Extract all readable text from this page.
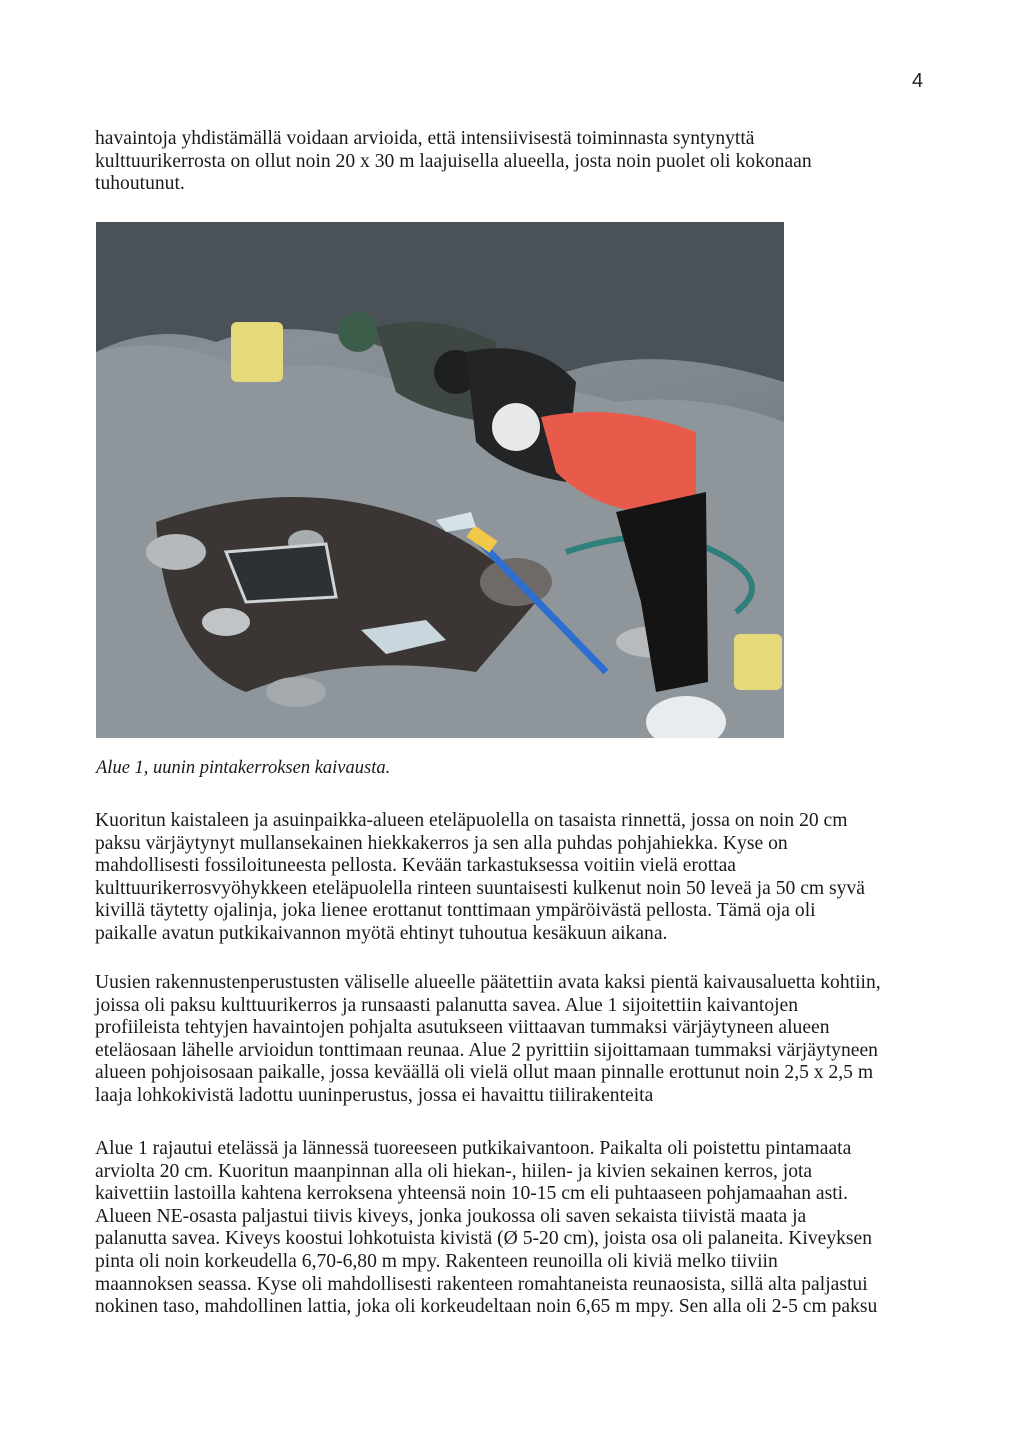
4

havaintoja yhdistämällä voidaan arvioida, että intensiivisestä toiminnasta syntynyttä
kulttuurikerrosta on ollut noin 20 x 30 m laajuisella alueella, josta noin puolet oli kokonaan
tuhoutunut.

Alue 1, uunin pintakerroksen kaivausta.

Kuoritun kaistaleen ja asuinpaikka-alueen eteläpuolella on tasaista rinnettä, jossa on noin 20 cm
paksu värjäytynyt mullansekainen hiekkakerros ja sen alla puhdas pohjahiekka. Kyse on
mahdollisesti fossiloituneesta pellosta. Kevään tarkastuksessa voitiin vielä erottaa
kulttuurikerrosvyöhykkeen eteläpuolella rinteen suuntaisesti kulkenut noin 50 leveä ja 50 cm syvä
kivillä täytetty ojalinja, joka lienee erottanut tonttimaan ympäröivästä pellosta. Tämä oja oli
paikalle avatun putkikaivannon myötä ehtinyt tuhoutua kesäkuun aikana.

Uusien rakennustenperustusten väliselle alueelle päätettiin avata kaksi pientä kaivausaluetta kohtiin,
joissa oli paksu kulttuurikerros ja runsaasti palanutta savea. Alue 1 sijoitettiin kaivantojen
profiileista tehtyjen havaintojen pohjalta asutukseen viittaavan tummaksi värjäytyneen alueen
eteläosaan lähelle arvioidun tonttimaan reunaa. Alue 2 pyrittiin sijoittamaan tummaksi värjäytyneen
alueen pohjoisosaan paikalle, jossa keväällä oli vielä ollut maan pinnalle erottunut noin 2,5 x 2,5 m
laaja lohkokivistä ladottu uuninperustus, jossa ei havaittu tiilirakenteita

Alue 1 rajautui etelässä ja lännessä tuoreeseen putkikaivantoon. Paikalta oli poistettu pintamaata
arviolta 20 cm. Kuoritun maanpinnan alla oli hiekan-, hiilen- ja kivien sekainen kerros, jota
kaivettiin lastoilla kahtena kerroksena yhteensä noin 10-15 cm eli puhtaaseen pohjamaahan asti.
Alueen NE-osasta paljastui tiivis kiveys, jonka joukossa oli saven sekaista tiivistä maata ja
palanutta savea. Kiveys koostui lohkotuista kivistä (Ø 5-20 cm), joista osa oli palaneita. Kiveyksen
pinta oli noin korkeudella 6,70-6,80 m mpy. Rakenteen reunoilla oli kiviä melko tiiviin
maannoksen seassa. Kyse oli mahdollisesti rakenteen romahtaneista reunaosista, sillä alta paljastui
nokinen taso, mahdollinen lattia, joka oli korkeudeltaan noin 6,65 m mpy. Sen alla oli 2-5 cm paksu
